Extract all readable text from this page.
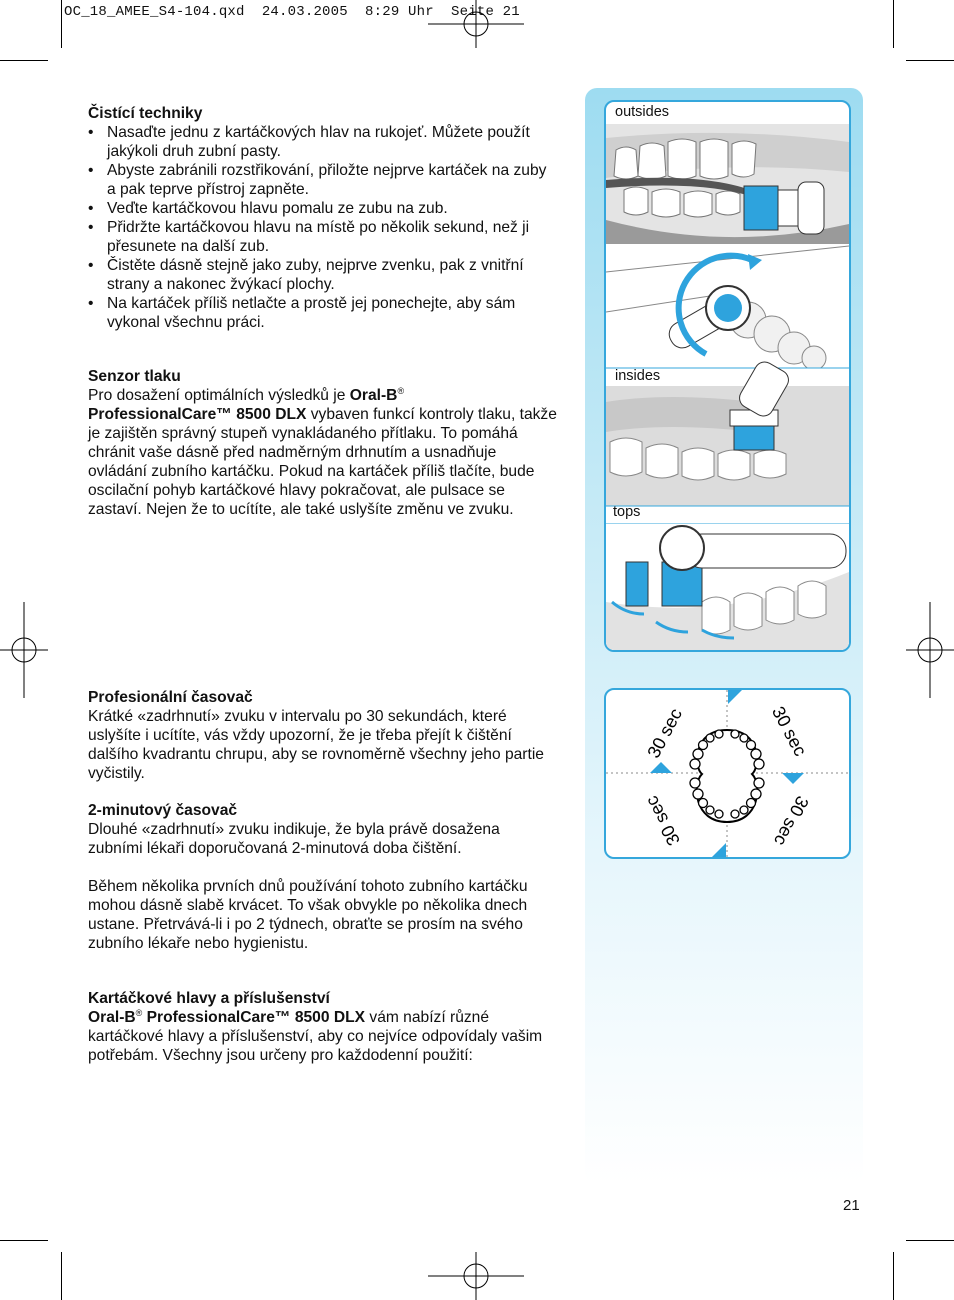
OC_18_AMEE_S4-104.qxd  24.03.2005  8:29 Uhr  Seite 21

Čistící techniky

• Nasaďte jednu z kartáčkových hlav na rukojeť. Můžete použít jakýkoli druh zubní pasty.
• Abyste zabránili rozstřikování, přiložte nejprve kartáček na zuby a pak teprve přístroj zapněte.
• Veďte kartáčkovou hlavu pomalu ze zubu na zub.
• Přidržte kartáčkovou hlavu na místě po několik sekund, než ji přesunete na další zub.
• Čistěte dásně stejně jako zuby, nejprve zvenku, pak z vnitřní strany a nakonec žvýkací plochy.
• Na kartáček příliš netlačte a prostě jej ponechejte, aby sám vykonal všechnu práci.

Senzor tlaku

Pro dosažení optimálních výsledků je Oral-B®
ProfessionalCare™ 8500 DLX vybaven funkcí kontroly tlaku, takže je zajištěn správný stupeň vynakládaného přítlaku. To pomáhá chránit vaše dásně před nadměrným drhnutím a usnadňuje ovládání zubního kartáčku. Pokud na kartáček příliš tlačíte, bude oscilační pohyb kartáčkové hlavy pokračovat, ale pulsace se zastaví. Nejen že to ucítíte, ale také uslyšíte změnu ve zvuku.

Profesionální časovač

Krátké «zadrhnutí» zvuku v intervalu po 30 sekundách, které uslyšíte i ucítíte, vás vždy upozorní, že je třeba přejít k čištění dalšího kvadrantu chrupu, aby se rovnoměrně všechny jeho partie vyčistily.

2-minutový časovač

Dlouhé «zadrhnutí» zvuku indikuje, že byla právě dosažena zubními lékaři doporučovaná 2-minutová doba čištění.

Během několika prvních dnů používání tohoto zubního kartáčku mohou dásně slabě krvácet. To však obvykle po několika dnech ustane. Přetrvává-li i po 2 týdnech, obraťte se prosím na svého zubního lékaře nebo hygienistu.

Kartáčkové hlavy a příslušenství

Oral-B® ProfessionalCare™ 8500 DLX vám nabízí různé kartáčkové hlavy a příslušenství, aby co nejvíce odpovídaly vašim potřebám. Všechny jsou určeny pro každodenní použití:

outsides
insides
tops
30 sec	30 sec
30 sec
30 sec
21
